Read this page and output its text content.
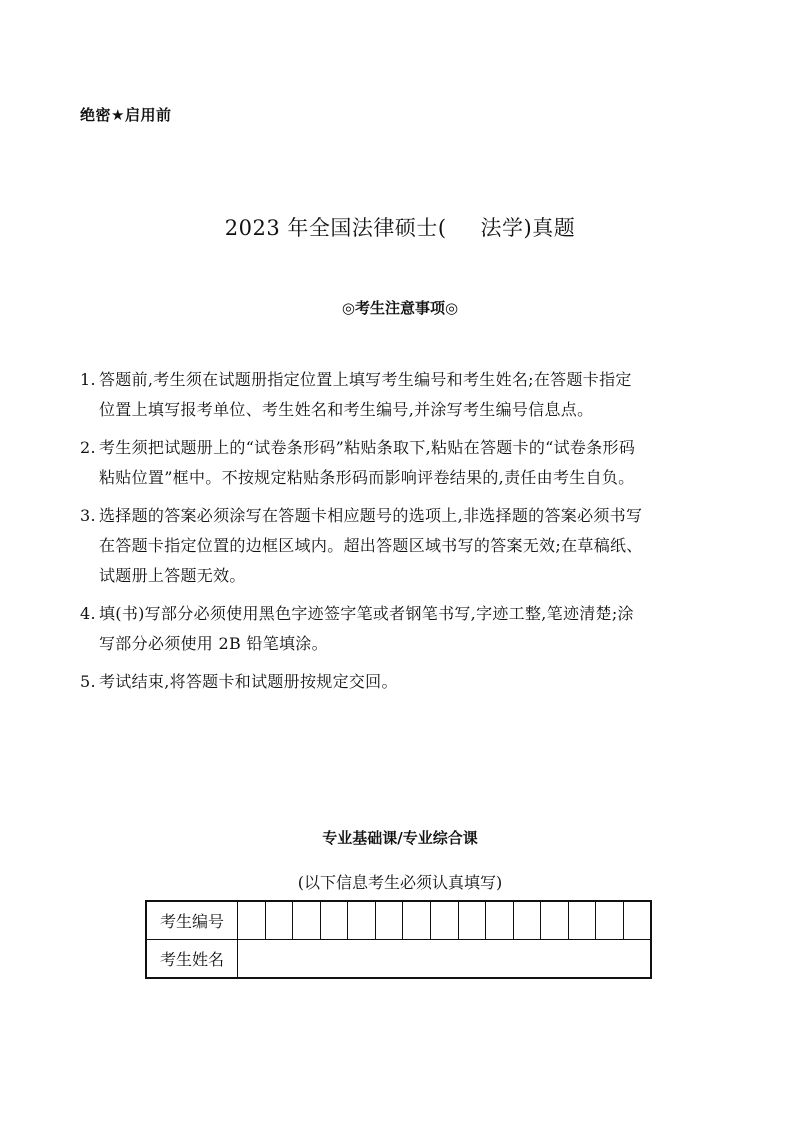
绝密★启用前
2023 年全国法律硕士( 法学)真题
◎考生注意事项◎
1. 答题前,考生须在试题册指定位置上填写考生编号和考生姓名;在答题卡指定
位置上填写报考单位、考生姓名和考生编号,并涂写考生编号信息点。
2. 考生须把试题册上的“试卷条形码”粘贴条取下,粘贴在答题卡的“试卷条形码
粘贴位置”框中。不按规定粘贴条形码而影响评卷结果的,责任由考生自负。
3. 选择题的答案必须涂写在答题卡相应题号的选项上,非选择题的答案必须书写
在答题卡指定位置的边框区域内。超出答题区域书写的答案无效;在草稿纸、
试题册上答题无效。
4. 填(书)写部分必须使用黑色字迹签字笔或者钢笔书写,字迹工整,笔迹清楚;涂
写部分必须使用 2B 铅笔填涂。
5. 考试结束,将答题卡和试题册按规定交回。
专业基础课/专业综合课
(以下信息考生必须认真填写)
考生编号															
考生姓名															
